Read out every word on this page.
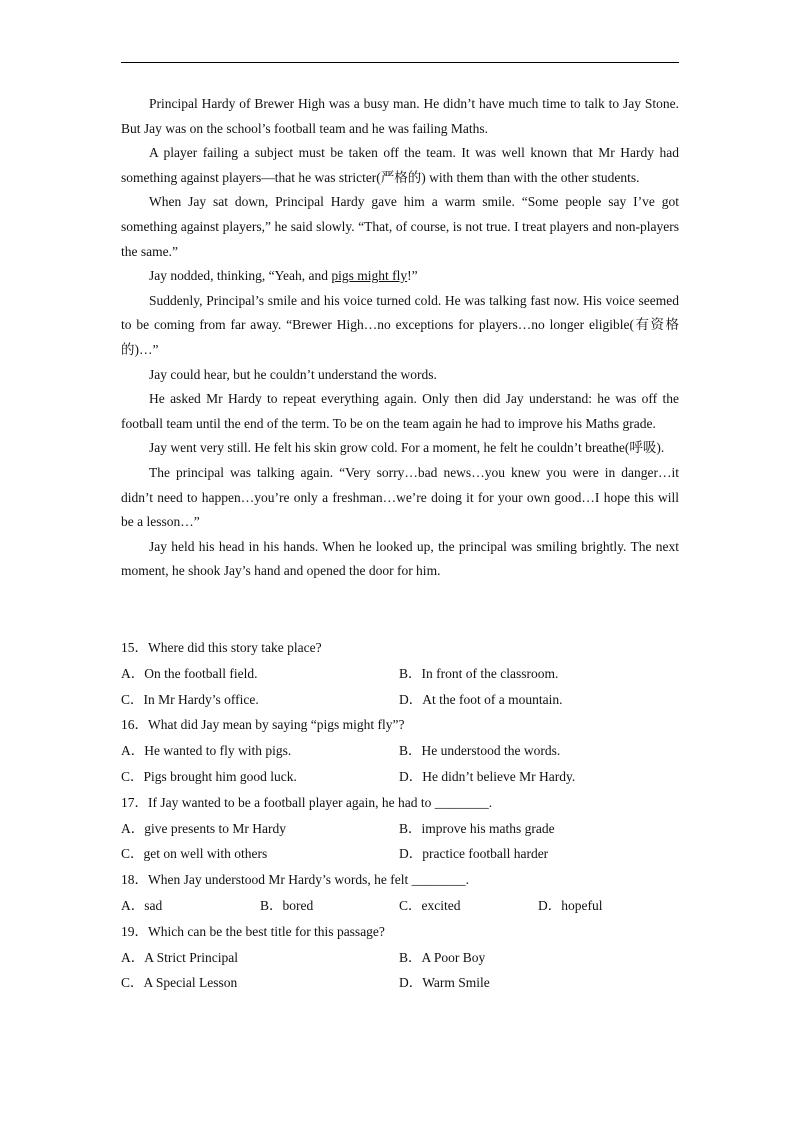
Principal Hardy of Brewer High was a busy man. He didn’t have much time to talk to Jay Stone. But Jay was on the school’s football team and he was failing Maths.

A player failing a subject must be taken off the team. It was well known that Mr Hardy had something against players—that he was stricter(严格的) with them than with the other students.

When Jay sat down, Principal Hardy gave him a warm smile. “Some people say I’ve got something against players,” he said slowly. “That, of course, is not true. I treat players and non-players the same.”

Jay nodded, thinking, “Yeah, and pigs might fly!”

Suddenly, Principal’s smile and his voice turned cold. He was talking fast now. His voice seemed to be coming from far away. “Brewer High…no exceptions for players…no longer eligible(有资格的)…”

Jay could hear, but he couldn’t understand the words.

He asked Mr Hardy to repeat everything again. Only then did Jay understand: he was off the football team until the end of the term. To be on the team again he had to improve his Maths grade.

Jay went very still. He felt his skin grow cold. For a moment, he felt he couldn’t breathe(呼吸).

The principal was talking again. “Very sorry…bad news…you knew you were in danger…it didn’t need to happen…you’re only a freshman…we’re doing it for your own good…I hope this will be a lesson…”

Jay held his head in his hands. When he looked up, the principal was smiling brightly. The next moment, he shook Jay’s hand and opened the door for him.

15．Where did this story take place?
A．On the football field.	B．In front of the classroom.
C．In Mr Hardy’s office.	D．At the foot of a mountain.
16．What did Jay mean by saying “pigs might fly”?
A．He wanted to fly with pigs.	B．He understood the words.
C．Pigs brought him good luck.	D．He didn’t believe Mr Hardy.
17．If Jay wanted to be a football player again, he had to ________.
A．give presents to Mr Hardy	B．improve his maths grade
C．get on well with others	D．practice football harder
18．When Jay understood Mr Hardy’s words, he felt ________.
A．sad	B．bored	C．excited	D．hopeful
19．Which can be the best title for this passage?
A．A Strict Principal	B．A Poor Boy
C．A Special Lesson	D．Warm Smile
